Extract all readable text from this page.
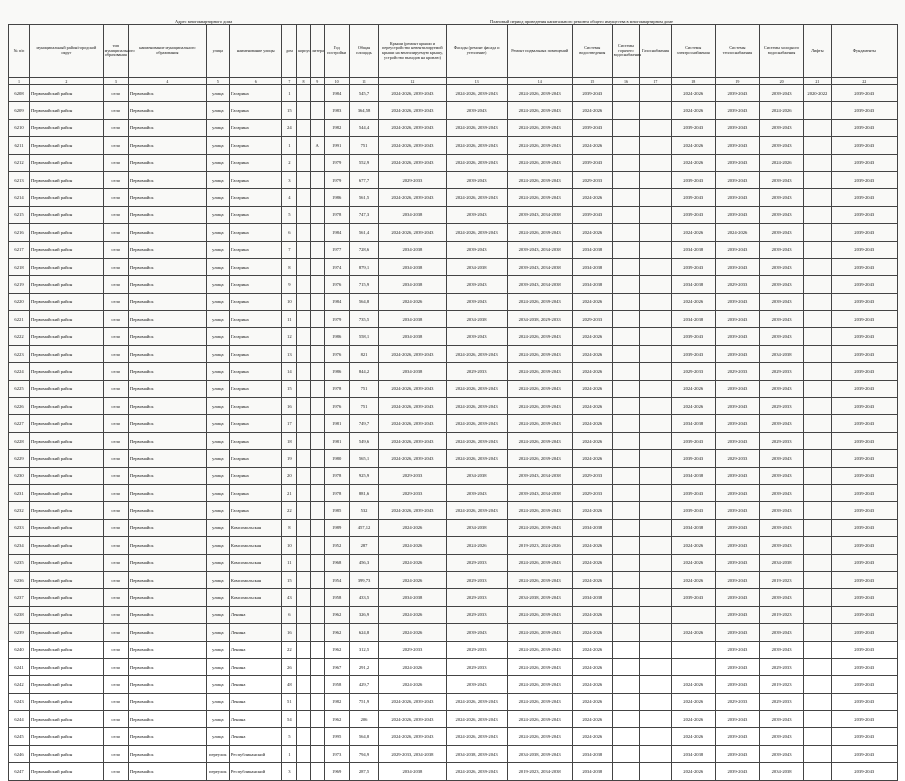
Адрес многоквартирного дома	Плановый период проведения капитального ремонта общего имущества в многоквартирном доме
№ п/п	муниципальный район/городской округ	тип муниципального образования	наименование муниципального образования	улица	наименование улицы	дом	корпус	литера	Год постройки	Общая площадь	Крыши (ремонт крыши и переустройство невентилируемой крыши на вентилируемую крышу, устройство выходов на кровлю)	Фасады (ремонт фасада и утепление)	Ремонт подвальных помещений	Системы водоотведения	Системы горячего водоснабжения	Газоснабжения	Системы электроснабжения	Системы теплоснабжения	Системы холодного водоснабжения	Лифты	Фундаменты
1	2	3	4	5	6	7	8	9	10	11	12	13	14	15	16	17	18	19	20	21	22
6208	Первомайский район	село	Первомайск	улица	Гагарина	1			1984	545,7	2024-2026, 2039-2043	2024-2026, 2039-2043	2024-2026, 2039-2043	2039-2043			2024-2026	2039-2043	2039-2043	2020-2022	2039-2043
6209	Первомайский район	село	Первомайск	улица	Гагарина	15			1983	364,58	2024-2026, 2039-2043	2039-2043	2024-2026, 2039-2043	2024-2026			2024-2026	2039-2043	2024-2026		2039-2043
6210	Первомайский район	село	Первомайск	улица	Гагарина	24			1982	544,4	2024-2026, 2039-2043	2024-2026, 2039-2043	2024-2026, 2039-2043	2039-2043			2039-2043	2039-2043	2039-2043		2039-2043
6211	Первомайский район	село	Первомайск	улица	Гагарина	1		А	1991	751	2024-2026, 2039-2043	2024-2026, 2039-2043	2024-2026, 2039-2043	2024-2026			2024-2026	2039-2043	2039-2043		2039-2043
6212	Первомайский район	село	Первомайск	улица	Гагарина	2			1979	552,9	2024-2026, 2039-2043	2024-2026, 2039-2043	2024-2026, 2039-2043	2039-2043			2024-2026	2039-2043	2024-2026		2039-2043
6213	Первомайский район	село	Первомайск	улица	Гагарина	3			1979	677,7	2029-2033	2039-2043	2024-2026, 2039-2043	2029-2033			2039-2043	2039-2043	2039-2043		2039-2043
6214	Первомайский район	село	Первомайск	улица	Гагарина	4			1986	561,5	2024-2026, 2039-2043	2024-2026, 2039-2043	2024-2026, 2039-2043	2024-2026			2039-2043	2039-2043	2039-2043		2039-2043
6215	Первомайский район	село	Первомайск	улица	Гагарина	5			1978	747,3	2034-2038	2039-2043	2039-2043, 2034-2038	2039-2043			2039-2043	2039-2043	2039-2043		2039-2043
6216	Первомайский район	село	Первомайск	улица	Гагарина	6			1984	561,4	2024-2026, 2039-2043	2024-2026, 2039-2043	2024-2026, 2039-2043	2024-2026			2024-2026	2024-2026	2039-2043		2039-2043
6217	Первомайский район	село	Первомайск	улица	Гагарина	7			1977	728,6	2034-2038	2039-2043	2039-2043, 2034-2038	2034-2038			2034-2038	2039-2043	2039-2043		2039-2043
6218	Первомайский район	село	Первомайск	улица	Гагарина	8			1974	879,1	2034-2038	2034-2038	2039-2043, 2034-2038	2034-2038			2039-2043	2039-2043	2039-2043		2039-2043
6219	Первомайский район	село	Первомайск	улица	Гагарина	9			1976	715,9	2034-2038	2039-2043	2039-2043, 2034-2038	2034-2038			2034-2038	2029-2033	2039-2043		2039-2043
6220	Первомайский район	село	Первомайск	улица	Гагарина	10			1984	564,8	2024-2026	2039-2043	2024-2026, 2039-2043	2024-2026			2024-2026	2039-2043	2039-2043		2039-2043
6221	Первомайский район	село	Первомайск	улица	Гагарина	11			1979	735,5	2034-2038	2034-2038	2034-2038, 2029-2033	2029-2033			2034-2038	2039-2043	2039-2043		2039-2043
6222	Первомайский район	село	Первомайск	улица	Гагарина	12			1986	558,1	2034-2038	2039-2043	2024-2026, 2039-2043	2024-2026			2039-2043	2039-2043	2039-2043		2039-2043
6223	Первомайский район	село	Первомайск	улица	Гагарина	13			1976	821	2024-2026, 2039-2043	2024-2026, 2039-2043	2024-2026, 2039-2043	2024-2026			2039-2043	2039-2043	2034-2038		2039-2043
6224	Первомайский район	село	Первомайск	улица	Гагарина	14			1986	844,2	2034-2038	2029-2033	2024-2026, 2039-2043	2024-2026			2029-2033	2029-2033	2029-2033		2039-2043
6225	Первомайский район	село	Первомайск	улица	Гагарина	15			1978	751	2024-2026, 2039-2043	2024-2026, 2039-2043	2024-2026, 2039-2043	2024-2026			2024-2026	2039-2043	2039-2043		2039-2043
6226	Первомайский район	село	Первомайск	улица	Гагарина	16			1976	751	2024-2026, 2039-2043	2024-2026, 2039-2043	2024-2026, 2039-2043	2024-2026			2024-2026	2039-2043	2029-2033		2039-2043
6227	Первомайский район	село	Первомайск	улица	Гагарина	17			1981	749,7	2024-2026, 2039-2043	2024-2026, 2039-2043	2024-2026, 2039-2043	2024-2026			2034-2038	2039-2043	2039-2043		2039-2043
6228	Первомайский район	село	Первомайск	улица	Гагарина	18			1981	549,6	2024-2026, 2039-2043	2024-2026, 2039-2043	2024-2026, 2039-2043	2024-2026			2039-2043	2039-2043	2029-2033		2039-2043
6229	Первомайский район	село	Первомайск	улица	Гагарина	19			1980	565,1	2024-2026, 2039-2043	2024-2026, 2039-2043	2024-2026, 2039-2043	2024-2026			2039-2043	2029-2033	2039-2043		2039-2043
6230	Первомайский район	село	Первомайск	улица	Гагарина	20			1978	925,9	2029-2033	2034-2038	2039-2043, 2034-2038	2029-2033			2034-2038	2039-2043	2039-2043		2039-2043
6231	Первомайский район	село	Первомайск	улица	Гагарина	21			1978	881,6	2029-2033	2039-2043	2039-2043, 2034-2038	2029-2033			2039-2043	2039-2043	2039-2043		2039-2043
6232	Первомайский район	село	Первомайск	улица	Гагарина	22			1985	532	2024-2026, 2039-2043	2024-2026, 2039-2043	2024-2026, 2039-2043	2024-2026			2039-2043	2039-2043	2039-2043		2039-2043
6233	Первомайский район	село	Первомайск	улица	Комсомольская	8			1989	457,12	2024-2026	2034-2038	2024-2026, 2039-2043	2034-2038			2034-2038	2039-2043	2039-2043		2039-2043
6234	Первомайский район	село	Первомайск	улица	Комсомольская	10			1952	287	2024-2026	2024-2026	2019-2023, 2024-2026	2024-2026			2024-2026	2039-2043	2039-2043		2039-2043
6235	Первомайский район	село	Первомайск	улица	Комсомольская	11			1968	456,3	2024-2026	2029-2033	2024-2026, 2039-2043	2024-2026			2024-2026	2039-2043	2034-2038		2039-2043
6236	Первомайский район	село	Первомайск	улица	Комсомольская	15			1954	399,73	2024-2026	2029-2033	2024-2026, 2039-2043	2024-2026			2024-2026	2039-2043	2019-2023		2039-2043
6237	Первомайский район	село	Первомайск	улица	Комсомольская	43			1958	433,5	2034-2038	2029-2033	2034-2038, 2039-2043	2034-2038			2039-2043	2039-2043	2039-2043		2039-2043
6238	Первомайский район	село	Первомайск	улица	Ленина	6			1962	326,9	2024-2026	2029-2033	2024-2026, 2039-2043	2024-2026				2039-2043	2019-2023		2039-2043
6239	Первомайский район	село	Первомайск	улица	Ленина	16			1962	624,8	2024-2026	2039-2043	2024-2026, 2039-2043	2024-2026			2024-2026	2039-2043	2039-2043		2039-2043
6240	Первомайский район	село	Первомайск	улица	Ленина	22			1962	312,5	2029-2033	2029-2033	2024-2026, 2039-2043	2024-2026				2039-2043	2039-2043		2039-2043
6241	Первомайский район	село	Первомайск	улица	Ленина	26			1967	291,2	2024-2026	2029-2033	2024-2026, 2039-2043	2024-2026				2039-2043	2029-2033		2039-2043
6242	Первомайский район	село	Первомайск	улица	Ленина	48			1958	429,7	2024-2026	2039-2043	2024-2026, 2039-2043	2024-2026			2024-2026	2039-2043	2019-2023		2039-2043
6243	Первомайский район	село	Первомайск	улица	Ленина	51			1982	751,9	2024-2026, 2039-2043	2024-2026, 2039-2043	2024-2026, 2039-2043	2024-2026			2024-2026	2029-2033	2029-2033		2039-2043
6244	Первомайский район	село	Первомайск	улица	Ленина	54			1962	206	2024-2026, 2039-2043	2024-2026, 2039-2043	2024-2026, 2039-2043	2024-2026			2024-2026	2039-2043	2039-2043		2039-2043
6245	Первомайский район	село	Первомайск	улица	Ленина	5			1995	564,8	2024-2026, 2039-2043	2024-2026, 2039-2043	2024-2026, 2039-2043	2024-2026			2024-2026	2039-2043	2039-2043		2039-2043
6246	Первомайский район	село	Первомайск	переулок	Республиканский	1			1973	794,9	2029-2033, 2034-2038	2034-2038, 2039-2043	2034-2038, 2039-2043	2034-2038			2034-2038	2039-2043	2039-2043		2039-2043
6247	Первомайский район	село	Первомайск	переулок	Республиканский	3			1969	287,5	2034-2038	2024-2026, 2039-2043	2019-2023, 2034-2038	2034-2038			2024-2026	2039-2043	2034-2038		2039-2043
